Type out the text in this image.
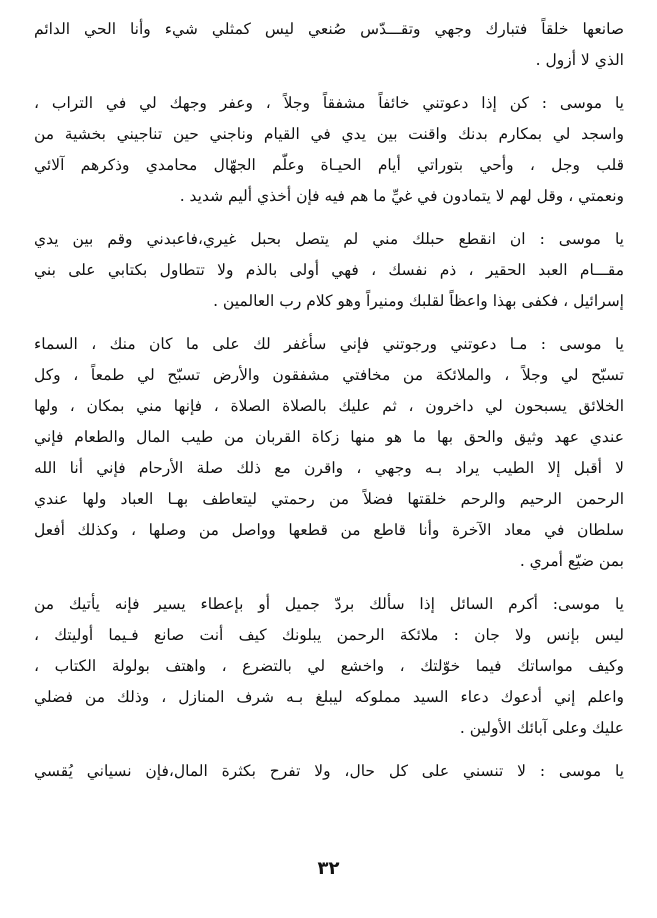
صانعها خلقاً فتبارك وجهي وتقـــدّس صُنعي ليس كمثلي شيء وأنا الحي الدائم
الذي لا أزول .
يا موسى : كن إذا دعوتني خائفاً مشفقاً وجلاً ، وعفر وجهك لي في التراب ،
واسجد لي بمكارم بدنك واقنت بين يدي في القيام وناجني حين تناجيني بخشية من
قلب وجل ، وأحي بتوراتي أيام الحيـاة وعلّم الجهّال محامدي وذكرهم آلائي
ونعمتي ، وقل لهم لا يتمادون في غيِّ ما هم فيه فإن أخذي أليم شديد .
يا موسى : ان انقطع حبلك مني لم يتصل بحبل غيري،فاعبدني وقم بين يدي
مقـــام العبد الحقير ، ذم نفسك ، فهي أولى بالذم ولا تتطاول بكتابي على بني
إسرائيل ، فكفى بهذا واعظاً لقلبك ومنيراً وهو كلام رب العالمين .
يا موسى : مـا دعوتني ورجوتني فإني سأغفر لك على ما كان منك ، السماء
تسبّح لي وجلاً ، والملائكة من مخافتي مشفقون والأرض تسبّح لي طمعاً ، وكل
الخلائق يسبحون لي داخرون ، ثم عليك بالصلاة الصلاة ، فإنها مني بمكان ، ولها
عندي عهد وثيق والحق بها ما هو منها زكاة القربان من طيب المال والطعام فإني
لا أقبل إلا الطيب يراد بـه وجهي ، واقرن مع ذلك صلة الأرحام فإني أنا الله
الرحمن الرحيم والرحم خلقتها فضلاً من رحمتي ليتعاطف بهـا العباد ولها عندي
سلطان في معاد الآخرة وأنا قاطع من قطعها وواصل من وصلها ، وكذلك أفعل
بمن ضيّع أمري .
يا موسى: أكرم السائل إذا سألك بردّ جميل أو بإعطاء يسير فإنه يأتيك من
ليس بإنس ولا جان : ملائكة الرحمن يبلونك كيف أنت صانع فـيما أوليتك ،
وكيف مواساتك فيما خوّلتك ، واخشع لي بالتضرع ، واهتف بولولة الكتاب ،
واعلم إني أدعوك دعاء السيد مملوكه ليبلغ بـه شرف المنازل ، وذلك من فضلي
عليك وعلى آبائك الأولين .
يا موسى : لا تنسني على كل حال، ولا تفرح بكثرة المال،فإن نسياني يُقسي
٣٢
